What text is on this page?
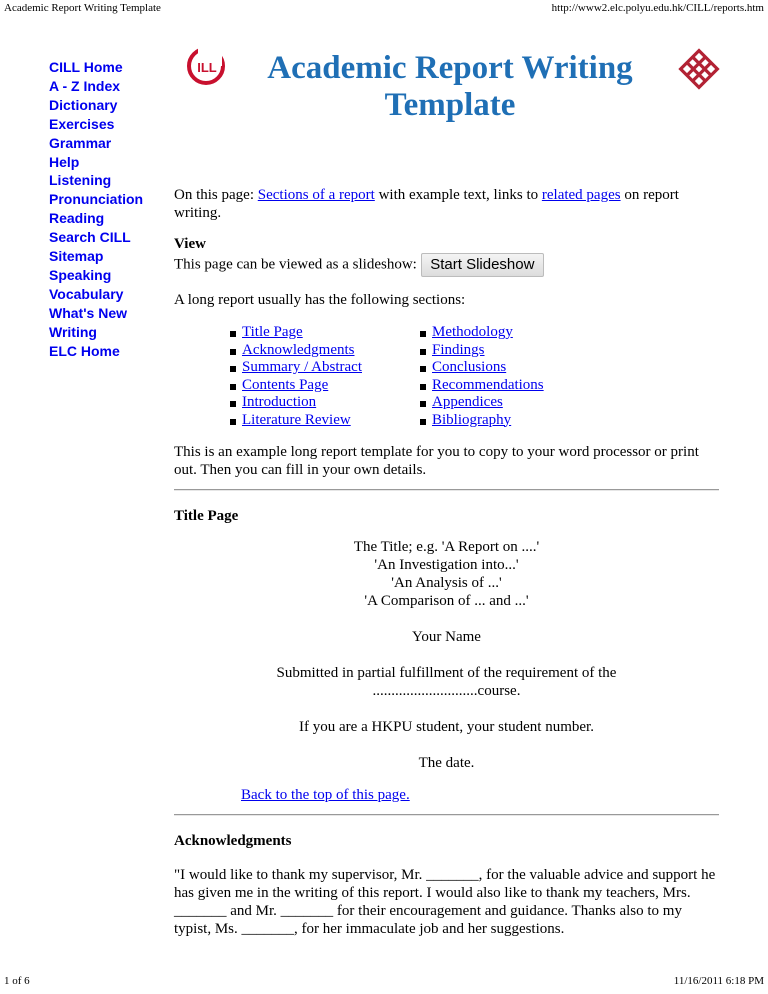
Academic Report Writing Template	http://www2.elc.polyu.edu.hk/CILL/reports.htm
CILL Home
A - Z Index
Dictionary
Exercises
Grammar
Help
Listening
Pronunciation
Reading
Search CILL
Sitemap
Speaking
Vocabulary
What's New
Writing
ELC Home
ILL	Academic Report Writing
Template

On this page: Sections of a report with example text, links to related pages on report writing.

View

This page can be viewed as a slideshow: Start Slideshow

A long report usually has the following sections:

Title Page
Acknowledgments
Summary / Abstract
Contents Page
Introduction
Literature Review
Methodology
Findings
Conclusions
Recommendations
Appendices
Bibliography

This is an example long report template for you to copy to your word processor or print out. Then you can fill in your own details.

Title Page

The Title; e.g. 'A Report on ....'
'An Investigation into...'
'An Analysis of ...'
'A Comparison of ... and ...'

Your Name

Submitted in partial fulfillment of the requirement of the
............................course.

If you are a HKPU student, your student number.

The date.

Back to the top of this page.

Acknowledgments

"I would like to thank my supervisor, Mr. _______, for the valuable advice and support he has given me in the writing of this report. I would also like to thank my teachers, Mrs. _______ and Mr. _______ for their encouragement and guidance. Thanks also to my typist, Ms. _______, for her immaculate job and her suggestions.

1 of 6	11/16/2011 6:18 PM
